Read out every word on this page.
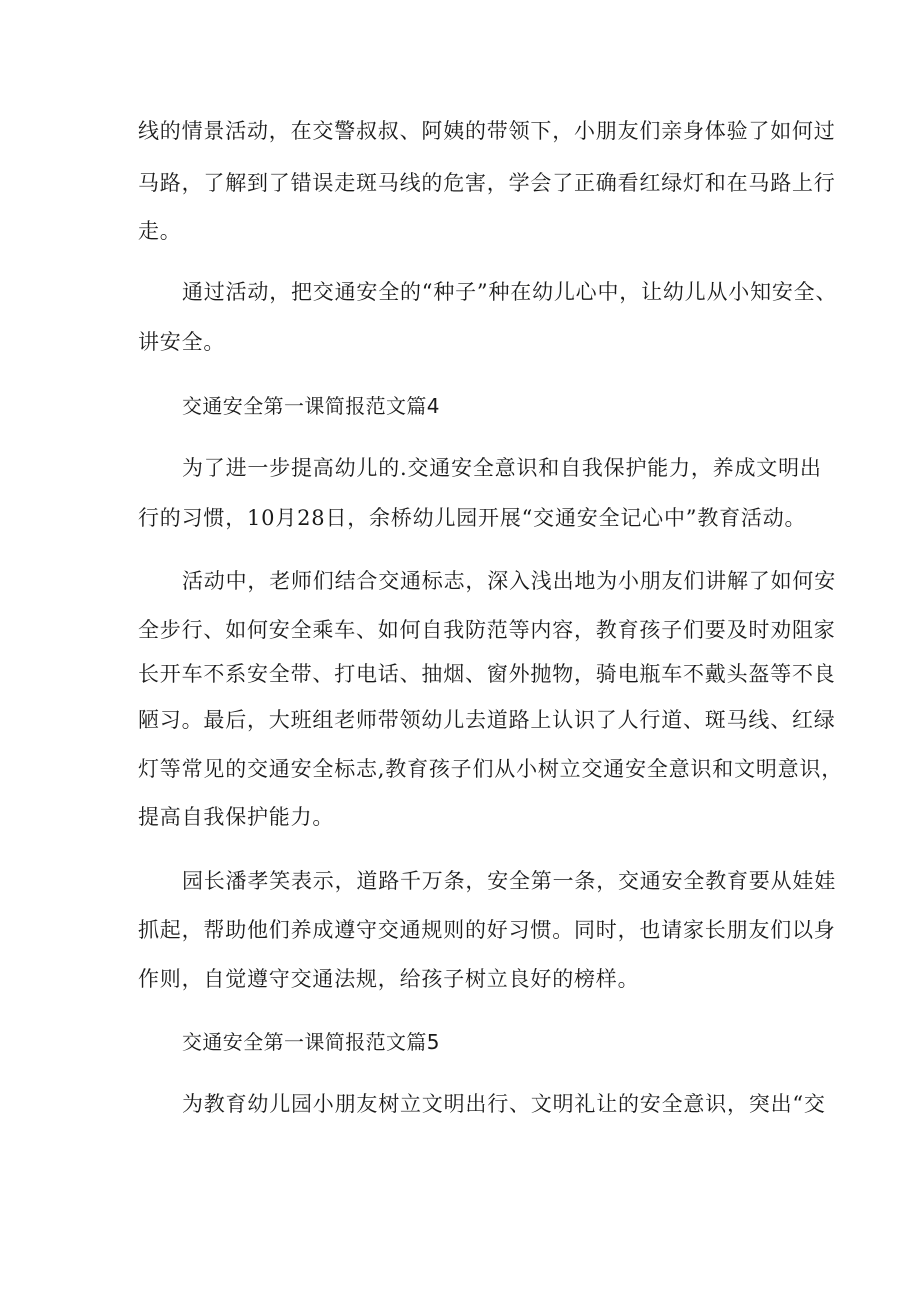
线的情景活动，在交警叔叔、阿姨的带领下，小朋友们亲身体验了如何过
马路，了解到了错误走斑马线的危害，学会了正确看红绿灯和在马路上行
走。
通过活动，把交通安全的“种子”种在幼儿心中，让幼儿从小知安全、
讲安全。
交通安全第一课简报范文篇4
为了进一步提高幼儿的.交通安全意识和自我保护能力，养成文明出
行的习惯，10月28日，余桥幼儿园开展“交通安全记心中”教育活动。
活动中，老师们结合交通标志，深入浅出地为小朋友们讲解了如何安
全步行、如何安全乘车、如何自我防范等内容，教育孩子们要及时劝阻家
长开车不系安全带、打电话、抽烟、窗外抛物，骑电瓶车不戴头盔等不良
陋习。最后，大班组老师带领幼儿去道路上认识了人行道、斑马线、红绿
灯等常见的交通安全标志,教育孩子们从小树立交通安全意识和文明意识，
提高自我保护能力。
园长潘孝笑表示，道路千万条，安全第一条，交通安全教育要从娃娃
抓起，帮助他们养成遵守交通规则的好习惯。同时，也请家长朋友们以身
作则，自觉遵守交通法规，给孩子树立良好的榜样。
交通安全第一课简报范文篇5
为教育幼儿园小朋友树立文明出行、文明礼让的安全意识，突出“交
